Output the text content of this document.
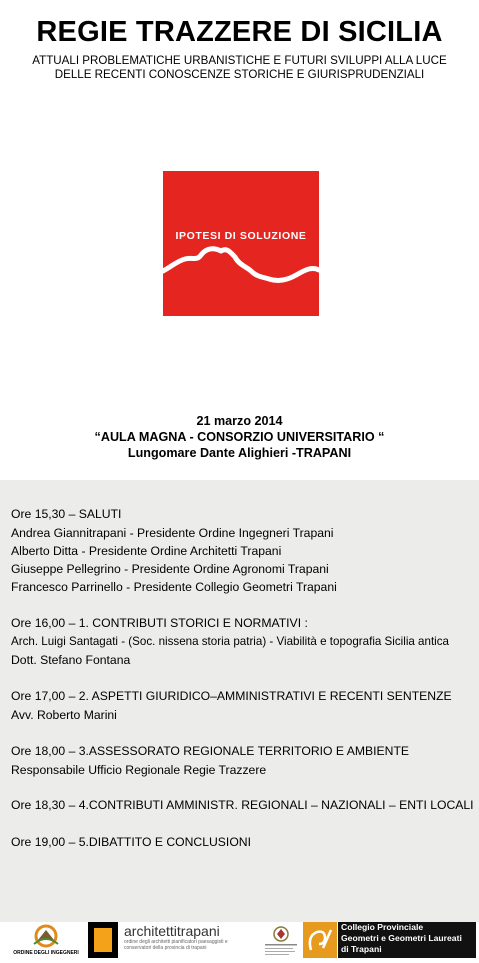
REGIE TRAZZERE DI SICILIA
ATTUALI PROBLEMATICHE URBANISTICHE E FUTURI SVILUPPI ALLA LUCE
DELLE RECENTI CONOSCENZE STORICHE E GIURISPRUDENZIALI
IPOTESI DI SOLUZIONE
21 marzo 2014
“AULA MAGNA - CONSORZIO UNIVERSITARIO “
Lungomare Dante Alighieri -TRAPANI
Ore 15,30 – SALUTI
Andrea Giannitrapani - Presidente Ordine Ingegneri Trapani
Alberto Ditta - Presidente Ordine Architetti Trapani
Giuseppe Pellegrino - Presidente Ordine Agronomi Trapani
Francesco Parrinello - Presidente Collegio Geometri Trapani
Ore 16,00 – 1. CONTRIBUTI STORICI E NORMATIVI :
Arch. Luigi Santagati - (Soc. nissena storia patria) - Viabilità e topografia Sicilia antica
Dott. Stefano Fontana
Ore 17,00 – 2. ASPETTI GIURIDICO–AMMINISTRATIVI E RECENTI SENTENZE
Avv. Roberto Marini
Ore 18,00 – 3.ASSESSORATO REGIONALE TERRITORIO E AMBIENTE
Responsabile Ufficio Regionale Regie Trazzere
Ore 18,30 – 4.CONTRIBUTI AMMINISTR. REGIONALI – NAZIONALI – ENTI LOCALI
Ore 19,00 – 5.DIBATTITO E CONCLUSIONI
ORDINE DEGLI INGEGNERI
architettitrapani
ordine degli architetti pianificatori paesaggisti e conservatori della provincia di trapani
Collegio Provinciale
Geometri e Geometri Laureati
di Trapani
